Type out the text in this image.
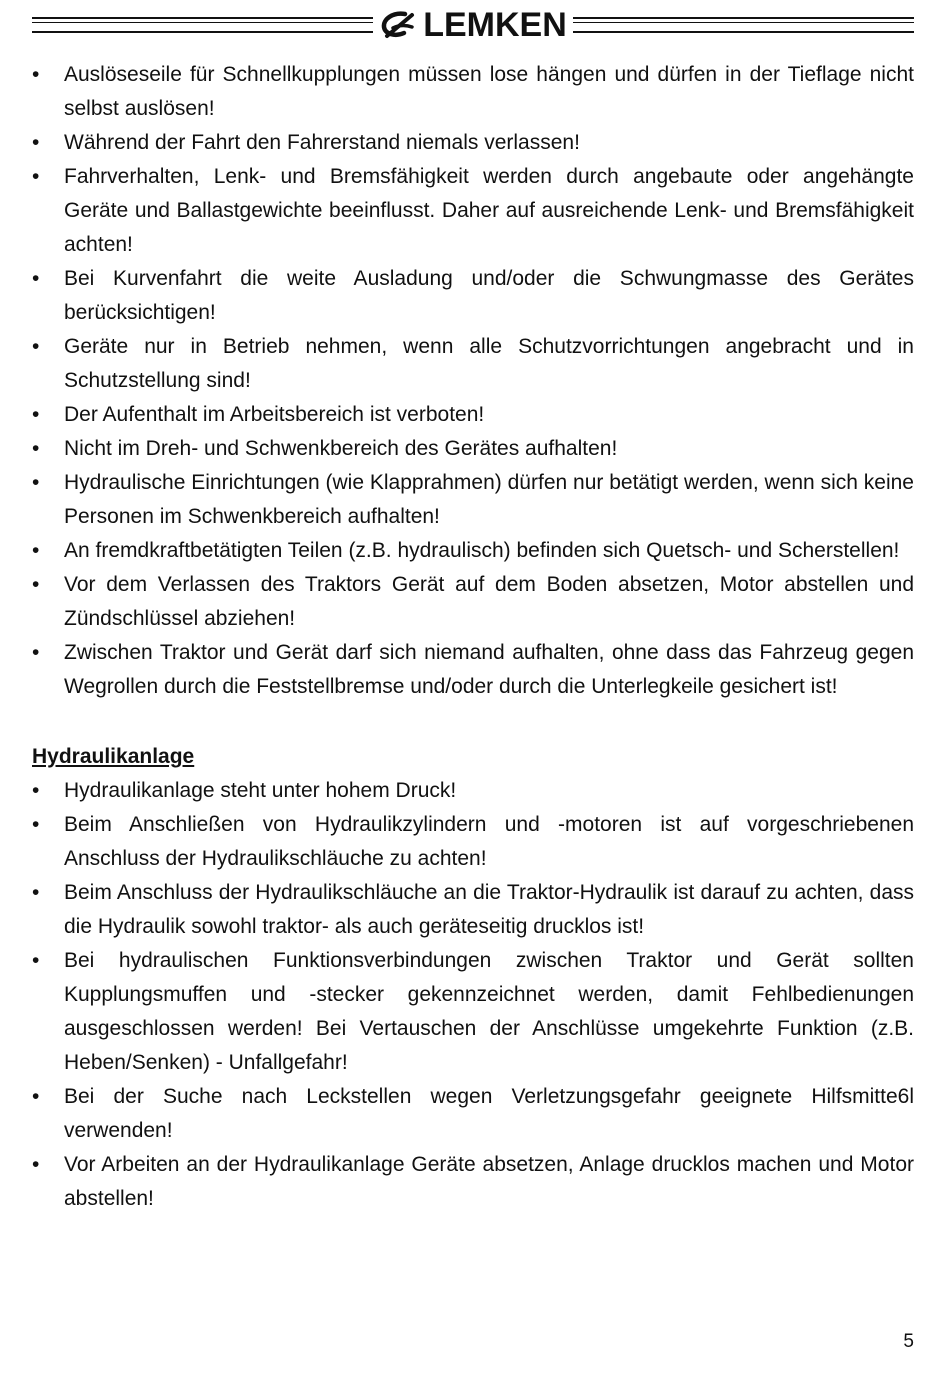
LEMKEN
• Auslöseseile für Schnellkupplungen müssen lose hängen und dürfen in der Tieflage nicht selbst auslösen!
• Während der Fahrt den Fahrerstand niemals verlassen!
• Fahrverhalten, Lenk- und Bremsfähigkeit werden durch angebaute oder angehängte Geräte und Ballastgewichte beeinflusst. Daher auf ausreichende Lenk- und Bremsfähigkeit achten!
• Bei Kurvenfahrt die weite Ausladung und/oder die Schwungmasse des Gerätes berücksichtigen!
• Geräte nur in Betrieb nehmen, wenn alle Schutzvorrichtungen angebracht und in Schutzstellung sind!
• Der Aufenthalt im Arbeitsbereich ist verboten!
• Nicht im Dreh- und Schwenkbereich des Gerätes aufhalten!
• Hydraulische Einrichtungen (wie Klapprahmen) dürfen nur betätigt werden, wenn sich keine Personen im Schwenkbereich aufhalten!
• An fremdkraftbetätigten Teilen (z.B. hydraulisch) befinden sich Quetsch- und Scherstellen!
• Vor dem Verlassen des Traktors Gerät auf dem Boden absetzen, Motor abstellen und Zündschlüssel abziehen!
• Zwischen Traktor und Gerät darf sich niemand aufhalten, ohne dass das Fahrzeug gegen Wegrollen durch die Feststellbremse und/oder durch die Unterlegkeile gesichert ist!
Hydraulikanlage
• Hydraulikanlage steht unter hohem Druck!
• Beim Anschließen von Hydraulikzylindern und -motoren ist auf vorgeschriebenen Anschluss der Hydraulikschläuche zu achten!
• Beim Anschluss der Hydraulikschläuche an die Traktor-Hydraulik ist darauf zu achten, dass die Hydraulik sowohl traktor- als auch geräteseitig drucklos ist!
• Bei hydraulischen Funktionsverbindungen zwischen Traktor und Gerät sollten Kupplungsmuffen und -stecker gekennzeichnet werden, damit Fehlbedienungen ausgeschlossen werden! Bei Vertauschen der Anschlüsse umgekehrte Funktion (z.B. Heben/Senken) - Unfallgefahr!
• Bei der Suche nach Leckstellen wegen Verletzungsgefahr geeignete Hilfsmitte6l verwenden!
• Vor Arbeiten an der Hydraulikanlage Geräte absetzen, Anlage drucklos machen und Motor abstellen!
5
